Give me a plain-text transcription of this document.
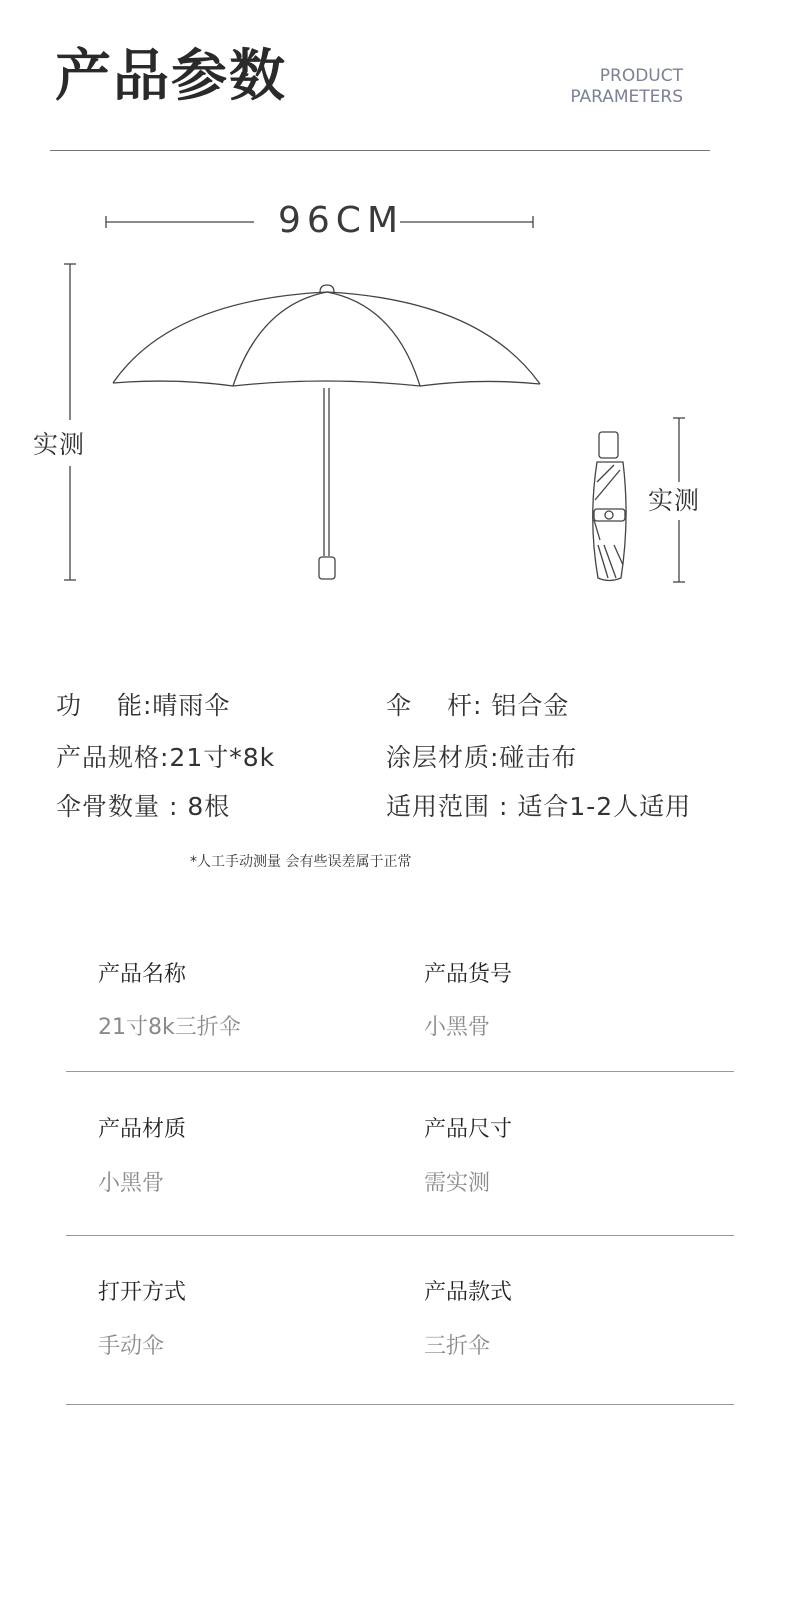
产品参数	PRODUCT
PARAMETERS
96CM
实测
实测
功　 能:晴雨伞
产品规格:21寸*8k
伞骨数量 : 8根
伞　 杆: 铝合金
涂层材质:碰击布
适用范围 : 适合1-2人适用
*人工手动测量 会有些误差属于正常
产品名称
21寸8k三折伞
产品货号
小黑骨
产品材质
小黑骨
产品尺寸
需实测
打开方式
手动伞
产品款式
三折伞
